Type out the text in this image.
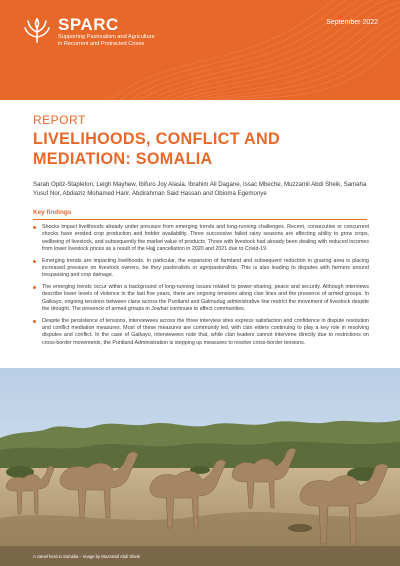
SPARC
Supporting Pastoralism and Agriculture in Recurrent and Protracted Crises
September 2022
REPORT
LIVELIHOODS, CONFLICT AND MEDIATION: SOMALIA
Sarah Opitz-Stapleton, Leigh Mayhew, Ibifuro Joy Alasia, Ibrahim Ali Dagane, Issac Mbeche, Muzzamil Abdi Sheik, Samaha Yusuf Nor, Abdiaziz Mohamed Harir, Abdirahman Said Hassan and Obioma Egemonye
Key findings
Shocks impact livelihoods already under pressure from emerging trends and long-running challenges. Recent, consecutive or concurrent shocks have eroded crop production and fodder availability. Three successive failed rainy seasons are affecting ability to grow crops, wellbeing of livestock, and subsequently the market value of products. Those with livestock had already been dealing with reduced incomes from lower livestock prices as a result of the Hajj cancellation in 2020 and 2021 due to Covid-19.
Emerging trends are impacting livelihoods. In particular, the expansion of farmland and subsequent reduction in grazing area is placing increased pressure on livestock owners, be they pastoralists or agropastoralists. This is also leading to disputes with farmers around trespassing and crop damage.
The emerging trends occur within a background of long-running issues related to power-sharing, peace and security. Although interviews describe lower levels of violence in the last five years, there are ongoing tensions along clan lines and the presence of armed groups. In Galkayo, ongoing tensions between clans across the Puntland and Galmudug administrative line restrict the movement of livestock despite the drought. The presence of armed groups in Jowhar continues to affect communities.
Despite the persistence of tensions, interviewees across the three interview sites express satisfaction and confidence in dispute resolution and conflict mediation measures. Most of these measures are community led, with clan elders continuing to play a key role in resolving disputes and conflict. In the case of Galkayo, interviewees note that, while clan leaders cannot intervene directly due to restrictions on cross-border movements, the Puntland Administration is stepping up measures to resolve cross-border tensions.
A camel herd in Somalia – Image by Muzzamil Abdi Sheik
